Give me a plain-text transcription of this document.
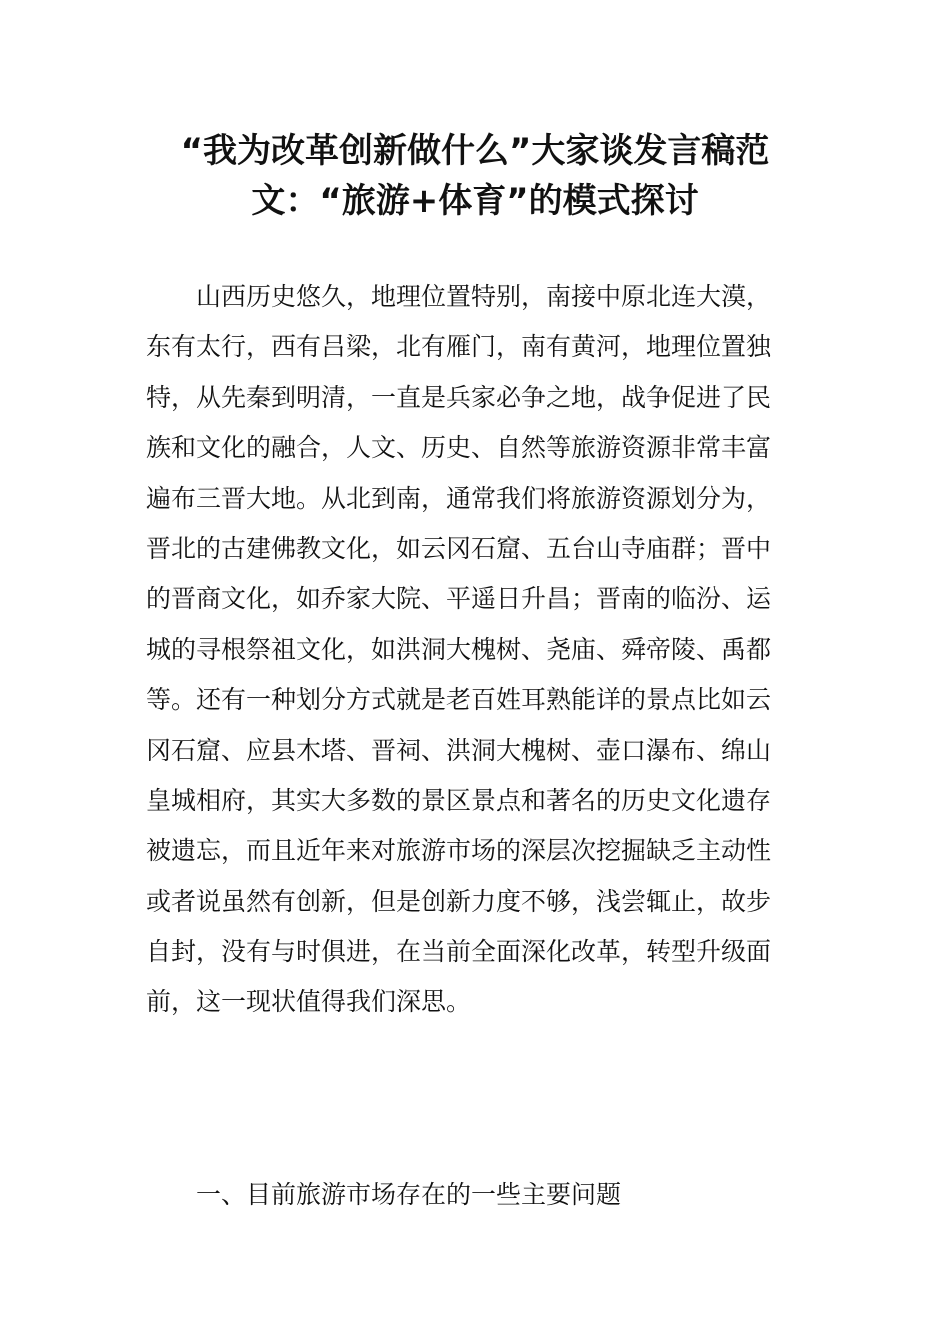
“我为改革创新做什么”大家谈发言稿范
文：“旅游+体育”的模式探讨
　　山西历史悠久，地理位置特别，南接中原北连大漠，
东有太行，西有吕梁，北有雁门，南有黄河，地理位置独
特，从先秦到明清，一直是兵家必争之地，战争促进了民
族和文化的融合，人文、历史、自然等旅游资源非常丰富
遍布三晋大地。从北到南，通常我们将旅游资源划分为，
晋北的古建佛教文化，如云冈石窟、五台山寺庙群；晋中
的晋商文化，如乔家大院、平遥日升昌；晋南的临汾、运
城的寻根祭祖文化，如洪洞大槐树、尧庙、舜帝陵、禹都
等。还有一种划分方式就是老百姓耳熟能详的景点比如云
冈石窟、应县木塔、晋祠、洪洞大槐树、壶口瀑布、绵山
皇城相府，其实大多数的景区景点和著名的历史文化遗存
被遗忘，而且近年来对旅游市场的深层次挖掘缺乏主动性
或者说虽然有创新，但是创新力度不够，浅尝辄止，故步
自封，没有与时俱进，在当前全面深化改革，转型升级面
前，这一现状值得我们深思。
一、目前旅游市场存在的一些主要问题
